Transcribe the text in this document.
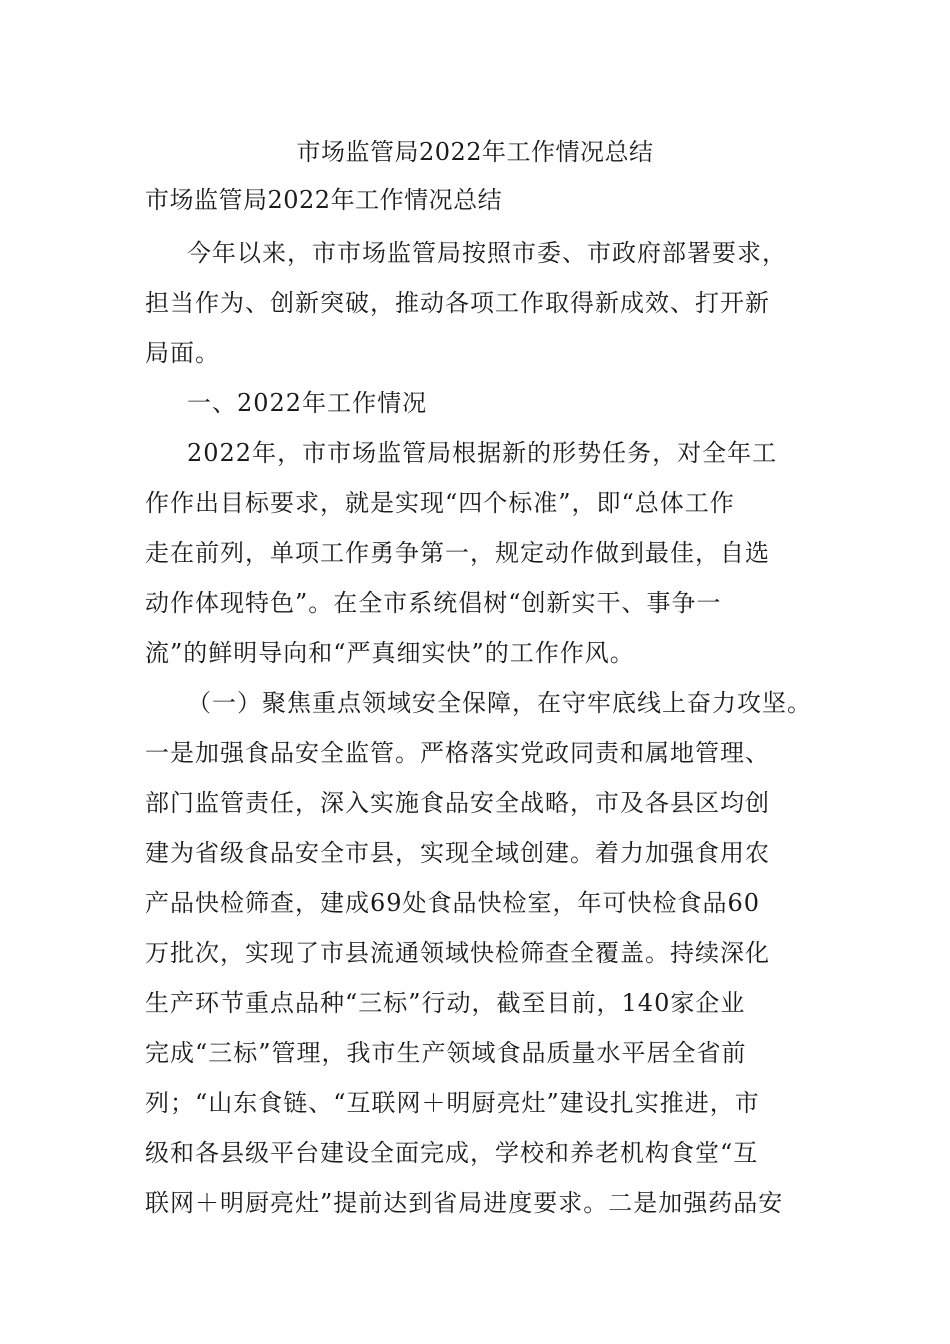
市场监管局2022年工作情况总结
市场监管局2022年工作情况总结
今年以来，市市场监管局按照市委、市政府部署要求，
担当作为、创新突破，推动各项工作取得新成效、打开新
局面。
一、2022年工作情况
2022年，市市场监管局根据新的形势任务，对全年工
作作出目标要求，就是实现“四个标准”，即“总体工作
走在前列，单项工作勇争第一，规定动作做到最佳，自选
动作体现特色”。在全市系统倡树“创新实干、事争一
流”的鲜明导向和“严真细实快”的工作作风。
（一）聚焦重点领域安全保障，在守牢底线上奋力攻坚。
一是加强食品安全监管。严格落实党政同责和属地管理、
部门监管责任，深入实施食品安全战略，市及各县区均创
建为省级食品安全市县，实现全域创建。着力加强食用农
产品快检筛查，建成69处食品快检室，年可快检食品60
万批次，实现了市县流通领域快检筛查全覆盖。持续深化
生产环节重点品种“三标”行动，截至目前，140家企业
完成“三标”管理，我市生产领域食品质量水平居全省前
列；“山东食链、“互联网＋明厨亮灶”建设扎实推进，市
级和各县级平台建设全面完成，学校和养老机构食堂“互
联网＋明厨亮灶”提前达到省局进度要求。二是加强药品安
